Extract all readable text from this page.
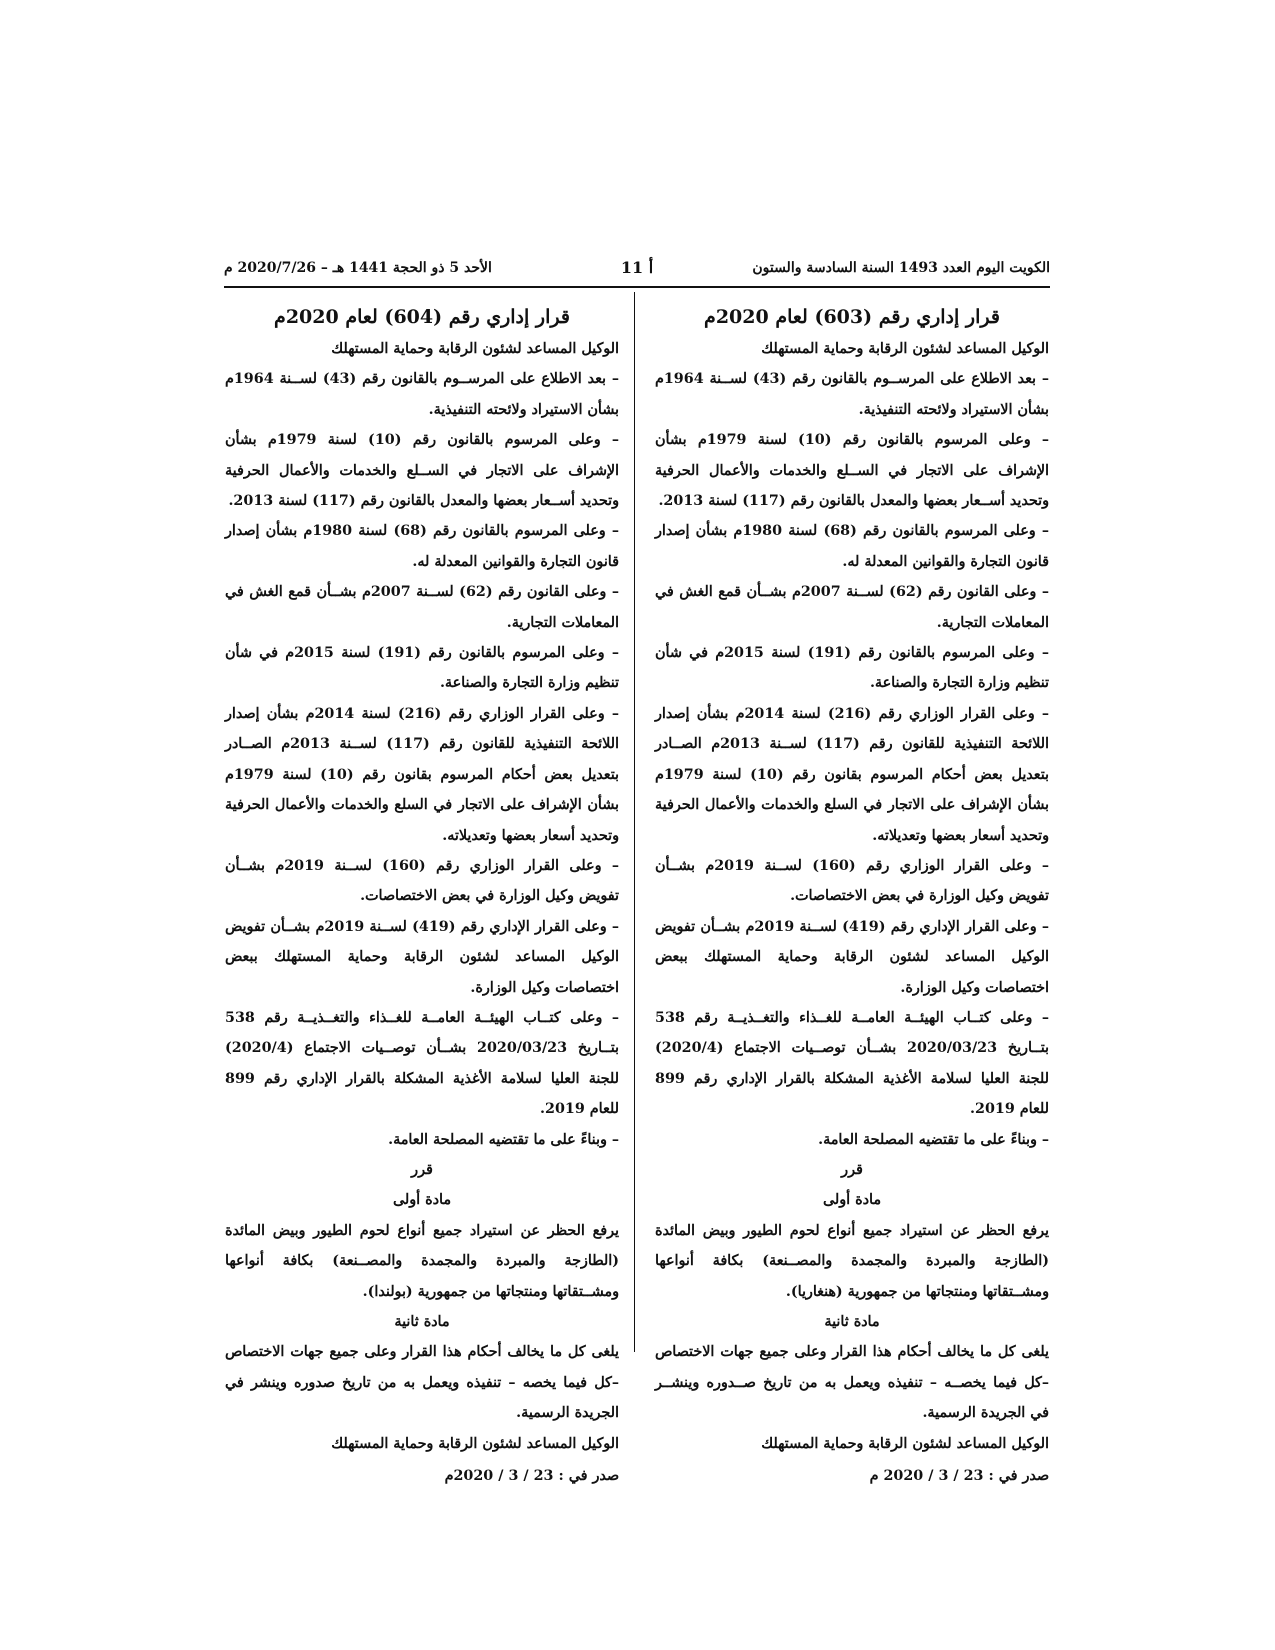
الكويت اليوم العدد 1493 السنة السادسة والستون
أ 11
الأحد 5 ذو الحجة 1441 هـ – 2020/7/26 م

قرار إداري رقم (603) لعام 2020م

الوكيل المساعد لشئون الرقابة وحماية المستهلك

– بعد الاطلاع على المرســوم بالقانون رقم (43) لســنة 1964م بشأن الاستيراد ولائحته التنفيذية.

– وعلى المرسوم بالقانون رقم (10) لسنة 1979م بشأن الإشراف على الاتجار في الســلع والخدمات والأعمال الحرفية وتحديد أســعار بعضها والمعدل بالقانون رقم (117) لسنة 2013.

– وعلى المرسوم بالقانون رقم (68) لسنة 1980م بشأن إصدار قانون التجارة والقوانين المعدلة له.

– وعلى القانون رقم (62) لســنة 2007م بشــأن قمع الغش في المعاملات التجارية.

– وعلى المرسوم بالقانون رقم (191) لسنة 2015م في شأن تنظيم وزارة التجارة والصناعة.

– وعلى القرار الوزاري رقم (216) لسنة 2014م بشأن إصدار اللائحة التنفيذية للقانون رقم (117) لســنة 2013م الصــادر بتعديل بعض أحكام المرسوم بقانون رقم (10) لسنة 1979م بشأن الإشراف على الاتجار في السلع والخدمات والأعمال الحرفية وتحديد أسعار بعضها وتعديلاته.

– وعلى القرار الوزاري رقم (160) لســنة 2019م بشــأن تفويض وكيل الوزارة في بعض الاختصاصات.

– وعلى القرار الإداري رقم (419) لســنة 2019م بشــأن تفويض الوكيل المساعد لشئون الرقابة وحماية المستهلك ببعض اختصاصات وكيل الوزارة.

– وعلى كتــاب الهيئــة العامــة للغــذاء والتغــذيــة رقم 538 بتــاريخ 2020/03/23 بشــأن توصــيات الاجتماع (2020/4) للجنة العليا لسلامة الأغذية المشكلة بالقرار الإداري رقم 899 للعام 2019.

– وبناءً على ما تقتضيه المصلحة العامة.

قرر

مادة أولى

يرفع الحظر عن استيراد جميع أنواع لحوم الطيور وبيض المائدة (الطازجة والمبردة والمجمدة والمصــنعة) بكافة أنواعها ومشــتقاتها ومنتجاتها من جمهورية (هنغاريا).

مادة ثانية

يلغى كل ما يخالف أحكام هذا القرار وعلى جميع جهات الاختصاص –كل فيما يخصــه – تنفيذه ويعمل به من تاريخ صــدوره وينشــر في الجريدة الرسمية.

الوكيل المساعد لشئون الرقابة وحماية المستهلك

صدر في : 23 / 3 / 2020 م

قرار إداري رقم (604) لعام 2020م

الوكيل المساعد لشئون الرقابة وحماية المستهلك

– بعد الاطلاع على المرســوم بالقانون رقم (43) لســنة 1964م بشأن الاستيراد ولائحته التنفيذية.

– وعلى المرسوم بالقانون رقم (10) لسنة 1979م بشأن الإشراف على الاتجار في الســلع والخدمات والأعمال الحرفية وتحديد أســعار بعضها والمعدل بالقانون رقم (117) لسنة 2013.

– وعلى المرسوم بالقانون رقم (68) لسنة 1980م بشأن إصدار قانون التجارة والقوانين المعدلة له.

– وعلى القانون رقم (62) لســنة 2007م بشــأن قمع الغش في المعاملات التجارية.

– وعلى المرسوم بالقانون رقم (191) لسنة 2015م في شأن تنظيم وزارة التجارة والصناعة.

– وعلى القرار الوزاري رقم (216) لسنة 2014م بشأن إصدار اللائحة التنفيذية للقانون رقم (117) لســنة 2013م الصــادر بتعديل بعض أحكام المرسوم بقانون رقم (10) لسنة 1979م بشأن الإشراف على الاتجار في السلع والخدمات والأعمال الحرفية وتحديد أسعار بعضها وتعديلاته.

– وعلى القرار الوزاري رقم (160) لســنة 2019م بشــأن تفويض وكيل الوزارة في بعض الاختصاصات.

– وعلى القرار الإداري رقم (419) لســنة 2019م بشــأن تفويض الوكيل المساعد لشئون الرقابة وحماية المستهلك ببعض اختصاصات وكيل الوزارة.

– وعلى كتــاب الهيئــة العامــة للغــذاء والتغــذيــة رقم 538 بتــاريخ 2020/03/23 بشــأن توصــيات الاجتماع (2020/4) للجنة العليا لسلامة الأغذية المشكلة بالقرار الإداري رقم 899 للعام 2019.

– وبناءً على ما تقتضيه المصلحة العامة.

قرر

مادة أولى

يرفع الحظر عن استيراد جميع أنواع لحوم الطيور وبيض المائدة (الطازجة والمبردة والمجمدة والمصــنعة) بكافة أنواعها ومشــتقاتها ومنتجاتها من جمهورية (بولندا).

مادة ثانية

يلغى كل ما يخالف أحكام هذا القرار وعلى جميع جهات الاختصاص –كل فيما يخصه – تنفيذه ويعمل به من تاريخ صدوره وينشر في الجريدة الرسمية.

الوكيل المساعد لشئون الرقابة وحماية المستهلك

صدر في : 23 / 3 / 2020م
